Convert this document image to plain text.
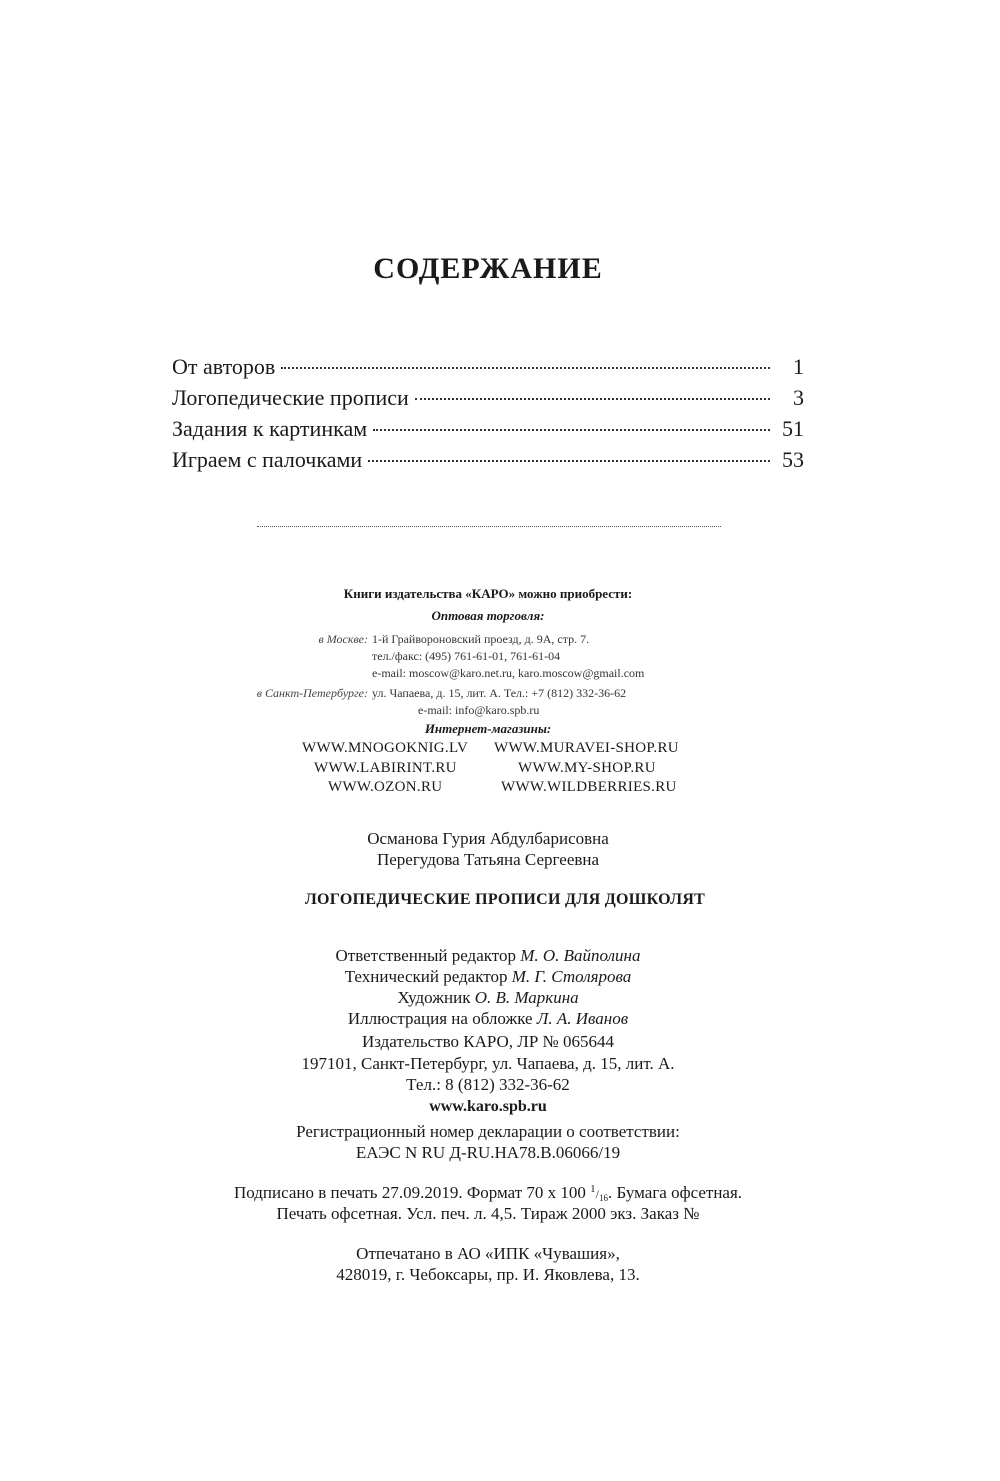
СОДЕРЖАНИЕ
От авторов	1
Логопедические прописи	3
Задания к картинкам	51
Играем с палочками	53
Книги издательства «КАРО» можно приобрести:
Оптовая торговля:
в Москве: 1-й Грайвороновский проезд, д. 9А, стр. 7.
тел./факс: (495) 761-61-01, 761-61-04
e-mail: moscow@karo.net.ru, karo.moscow@gmail.com
в Санкт-Петербурге: ул. Чапаева, д. 15, лит. А. Тел.: +7 (812) 332-36-62
e-mail: info@karo.spb.ru
Интернет-магазины:
WWW.MNOGOKNIG.LV
WWW.LABIRINT.RU
WWW.OZON.RU
WWW.MURAVEI-SHOP.RU
WWW.MY-SHOP.RU
WWW.WILDBERRIES.RU
Османова Гурия Абдулбарисовна
Перегудова Татьяна Сергеевна
ЛОГОПЕДИЧЕСКИЕ ПРОПИСИ ДЛЯ ДОШКОЛЯТ
Ответственный редактор М. О. Вайполина
Технический редактор М. Г. Столярова
Художник О. В. Маркина
Иллюстрация на обложке Л. А. Иванов
Издательство КАРО, ЛР № 065644
197101, Санкт-Петербург, ул. Чапаева, д. 15, лит. А.
Тел.: 8 (812) 332-36-62
www.karo.spb.ru
Регистрационный номер декларации о соответствии:
ЕАЭС N RU Д-RU.HA78.B.06066/19
Подписано в печать 27.09.2019. Формат 70 х 100 $^1/_{16}$. Бумага офсетная.
Печать офсетная. Усл. печ. л. 4,5. Тираж 2000 экз. Заказ №
Отпечатано в АО «ИПК «Чувашия»,
428019, г. Чебоксары, пр. И. Яковлева, 13.
